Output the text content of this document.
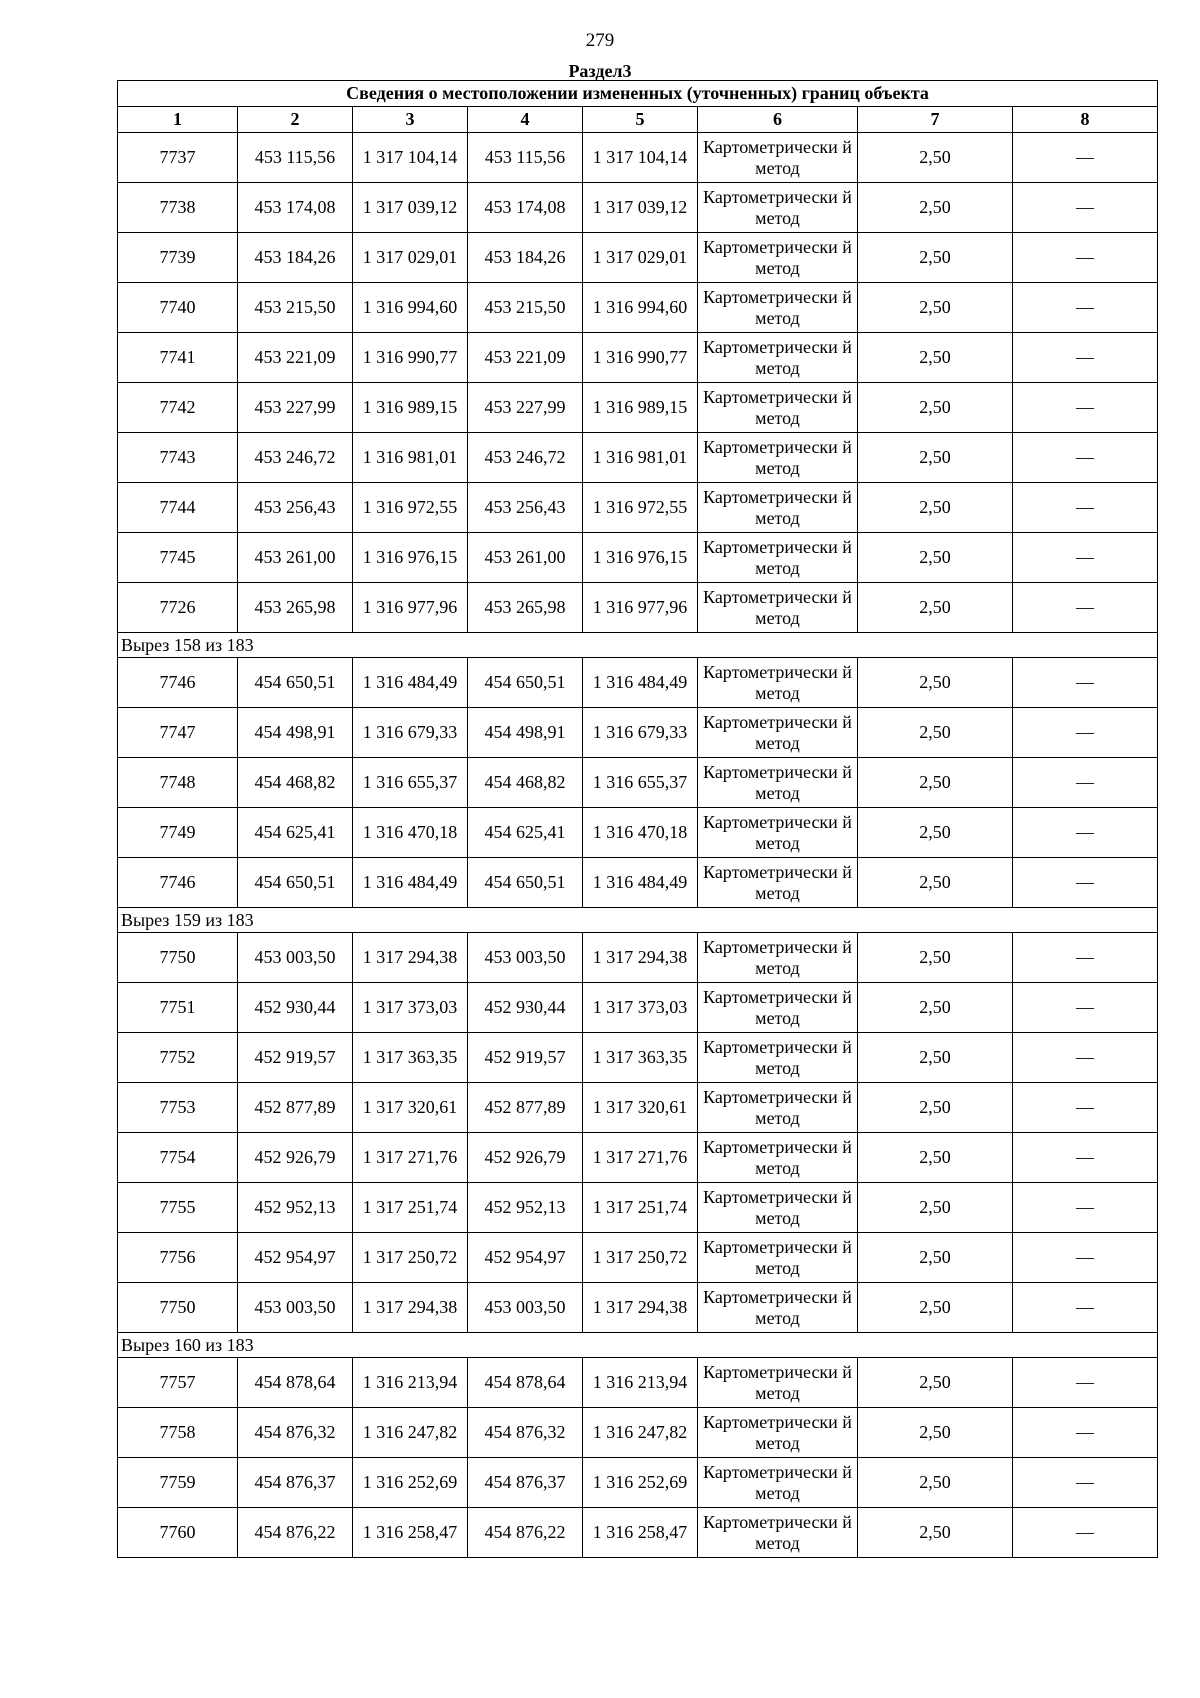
279
Раздел3
Сведения о местоположении измененных (уточненных) границ объекта							
1	2	3	4	5	6	7	8
7737	453 115,56	1 317 104,14	453 115,56	1 317 104,14	Картометрически й метод	2,50	—
7738	453 174,08	1 317 039,12	453 174,08	1 317 039,12	Картометрически й метод	2,50	—
7739	453 184,26	1 317 029,01	453 184,26	1 317 029,01	Картометрически й метод	2,50	—
7740	453 215,50	1 316 994,60	453 215,50	1 316 994,60	Картометрически й метод	2,50	—
7741	453 221,09	1 316 990,77	453 221,09	1 316 990,77	Картометрически й метод	2,50	—
7742	453 227,99	1 316 989,15	453 227,99	1 316 989,15	Картометрически й метод	2,50	—
7743	453 246,72	1 316 981,01	453 246,72	1 316 981,01	Картометрически й метод	2,50	—
7744	453 256,43	1 316 972,55	453 256,43	1 316 972,55	Картометрически й метод	2,50	—
7745	453 261,00	1 316 976,15	453 261,00	1 316 976,15	Картометрически й метод	2,50	—
7726	453 265,98	1 316 977,96	453 265,98	1 316 977,96	Картометрически й метод	2,50	—
Вырез 158 из 183							
7746	454 650,51	1 316 484,49	454 650,51	1 316 484,49	Картометрически й метод	2,50	—
7747	454 498,91	1 316 679,33	454 498,91	1 316 679,33	Картометрически й метод	2,50	—
7748	454 468,82	1 316 655,37	454 468,82	1 316 655,37	Картометрически й метод	2,50	—
7749	454 625,41	1 316 470,18	454 625,41	1 316 470,18	Картометрически й метод	2,50	—
7746	454 650,51	1 316 484,49	454 650,51	1 316 484,49	Картометрически й метод	2,50	—
Вырез 159 из 183							
7750	453 003,50	1 317 294,38	453 003,50	1 317 294,38	Картометрически й метод	2,50	—
7751	452 930,44	1 317 373,03	452 930,44	1 317 373,03	Картометрически й метод	2,50	—
7752	452 919,57	1 317 363,35	452 919,57	1 317 363,35	Картометрически й метод	2,50	—
7753	452 877,89	1 317 320,61	452 877,89	1 317 320,61	Картометрически й метод	2,50	—
7754	452 926,79	1 317 271,76	452 926,79	1 317 271,76	Картометрически й метод	2,50	—
7755	452 952,13	1 317 251,74	452 952,13	1 317 251,74	Картометрически й метод	2,50	—
7756	452 954,97	1 317 250,72	452 954,97	1 317 250,72	Картометрически й метод	2,50	—
7750	453 003,50	1 317 294,38	453 003,50	1 317 294,38	Картометрически й метод	2,50	—
Вырез 160 из 183							
7757	454 878,64	1 316 213,94	454 878,64	1 316 213,94	Картометрически й метод	2,50	—
7758	454 876,32	1 316 247,82	454 876,32	1 316 247,82	Картометрически й метод	2,50	—
7759	454 876,37	1 316 252,69	454 876,37	1 316 252,69	Картометрически й метод	2,50	—
7760	454 876,22	1 316 258,47	454 876,22	1 316 258,47	Картометрически й метод	2,50	—
